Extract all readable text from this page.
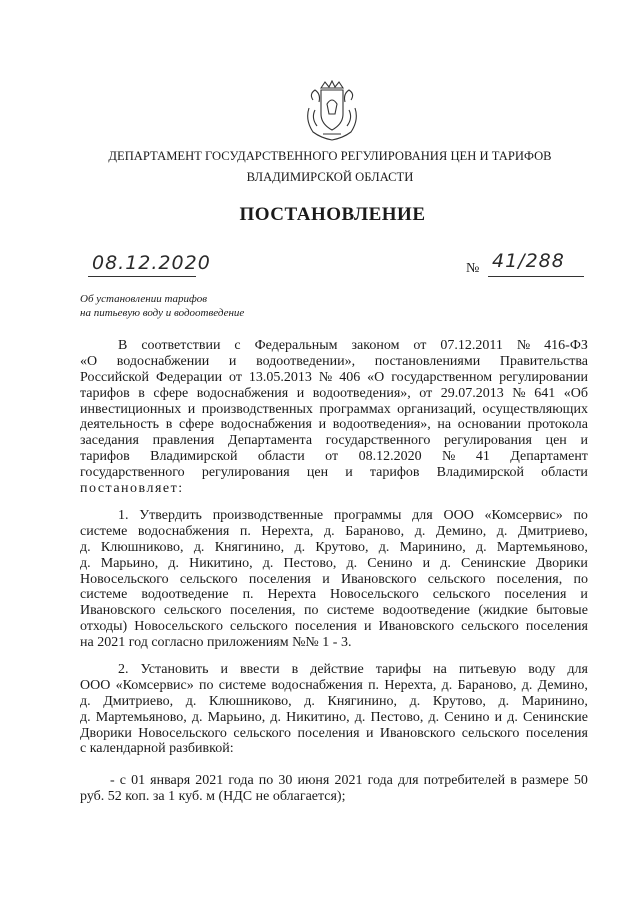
ДЕПАРТАМЕНТ ГОСУДАРСТВЕННОГО РЕГУЛИРОВАНИЯ ЦЕН И ТАРИФОВ
ВЛАДИМИРСКОЙ ОБЛАСТИ
ПОСТАНОВЛЕНИЕ
08.12.2020	№ 41/288
Об установлении тарифов
на питьевую воду и водоотведение
В соответствии с Федеральным законом от 07.12.2011 № 416-ФЗ
«О водоснабжении и водоотведении», постановлениями Правительства
Российской Федерации от 13.05.2013 № 406 «О государственном регулировании
тарифов в сфере водоснабжения и водоотведения», от 29.07.2013 № 641 «Об
инвестиционных и производственных программах организаций, осуществляющих
деятельность в сфере водоснабжения и водоотведения», на основании протокола
заседания правления Департамента государственного регулирования цен и
тарифов Владимирской области от 08.12.2020 № 41 Департамент
государственного регулирования цен и тарифов Владимирской области
постановляет:
1. Утвердить производственные программы для ООО «Комсервис» по
системе водоснабжения п. Нерехта, д. Бараново, д. Демино, д. Дмитриево,
д. Клюшниково, д. Княгинино, д. Крутово, д. Маринино, д. Мартемьяново,
д. Марьино, д. Никитино, д. Пестово, д. Сенино и д. Сенинские Дворики
Новосельского сельского поселения и Ивановского сельского поселения, по
системе водоотведение п. Нерехта Новосельского сельского поселения и
Ивановского сельского поселения, по системе водоотведение (жидкие бытовые
отходы) Новосельского сельского поселения и Ивановского сельского поселения
на 2021 год согласно приложениям №№ 1 - 3.
2. Установить и ввести в действие тарифы на питьевую воду для
ООО «Комсервис» по системе водоснабжения п. Нерехта, д. Бараново, д. Демино,
д. Дмитриево, д. Клюшниково, д. Княгинино, д. Крутово, д. Маринино,
д. Мартемьяново, д. Марьино, д. Никитино, д. Пестово, д. Сенино и д. Сенинские
Дворики Новосельского сельского поселения и Ивановского сельского поселения
с календарной разбивкой:
- с 01 января 2021 года по 30 июня 2021 года для потребителей в размере 50
руб. 52 коп. за 1 куб. м (НДС не облагается);
